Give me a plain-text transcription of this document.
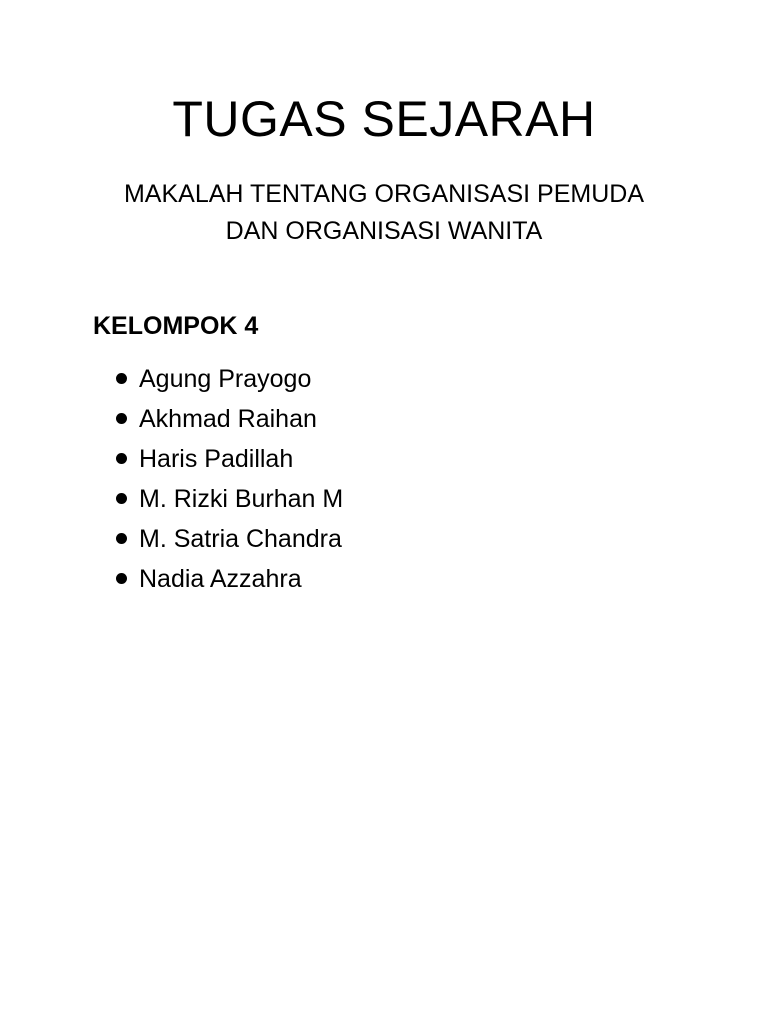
TUGAS SEJARAH

MAKALAH TENTANG ORGANISASI PEMUDA
DAN ORGANISASI WANITA

KELOMPOK 4
Agung Prayogo
Akhmad Raihan
Haris Padillah
M. Rizki Burhan M
M. Satria Chandra
Nadia Azzahra
